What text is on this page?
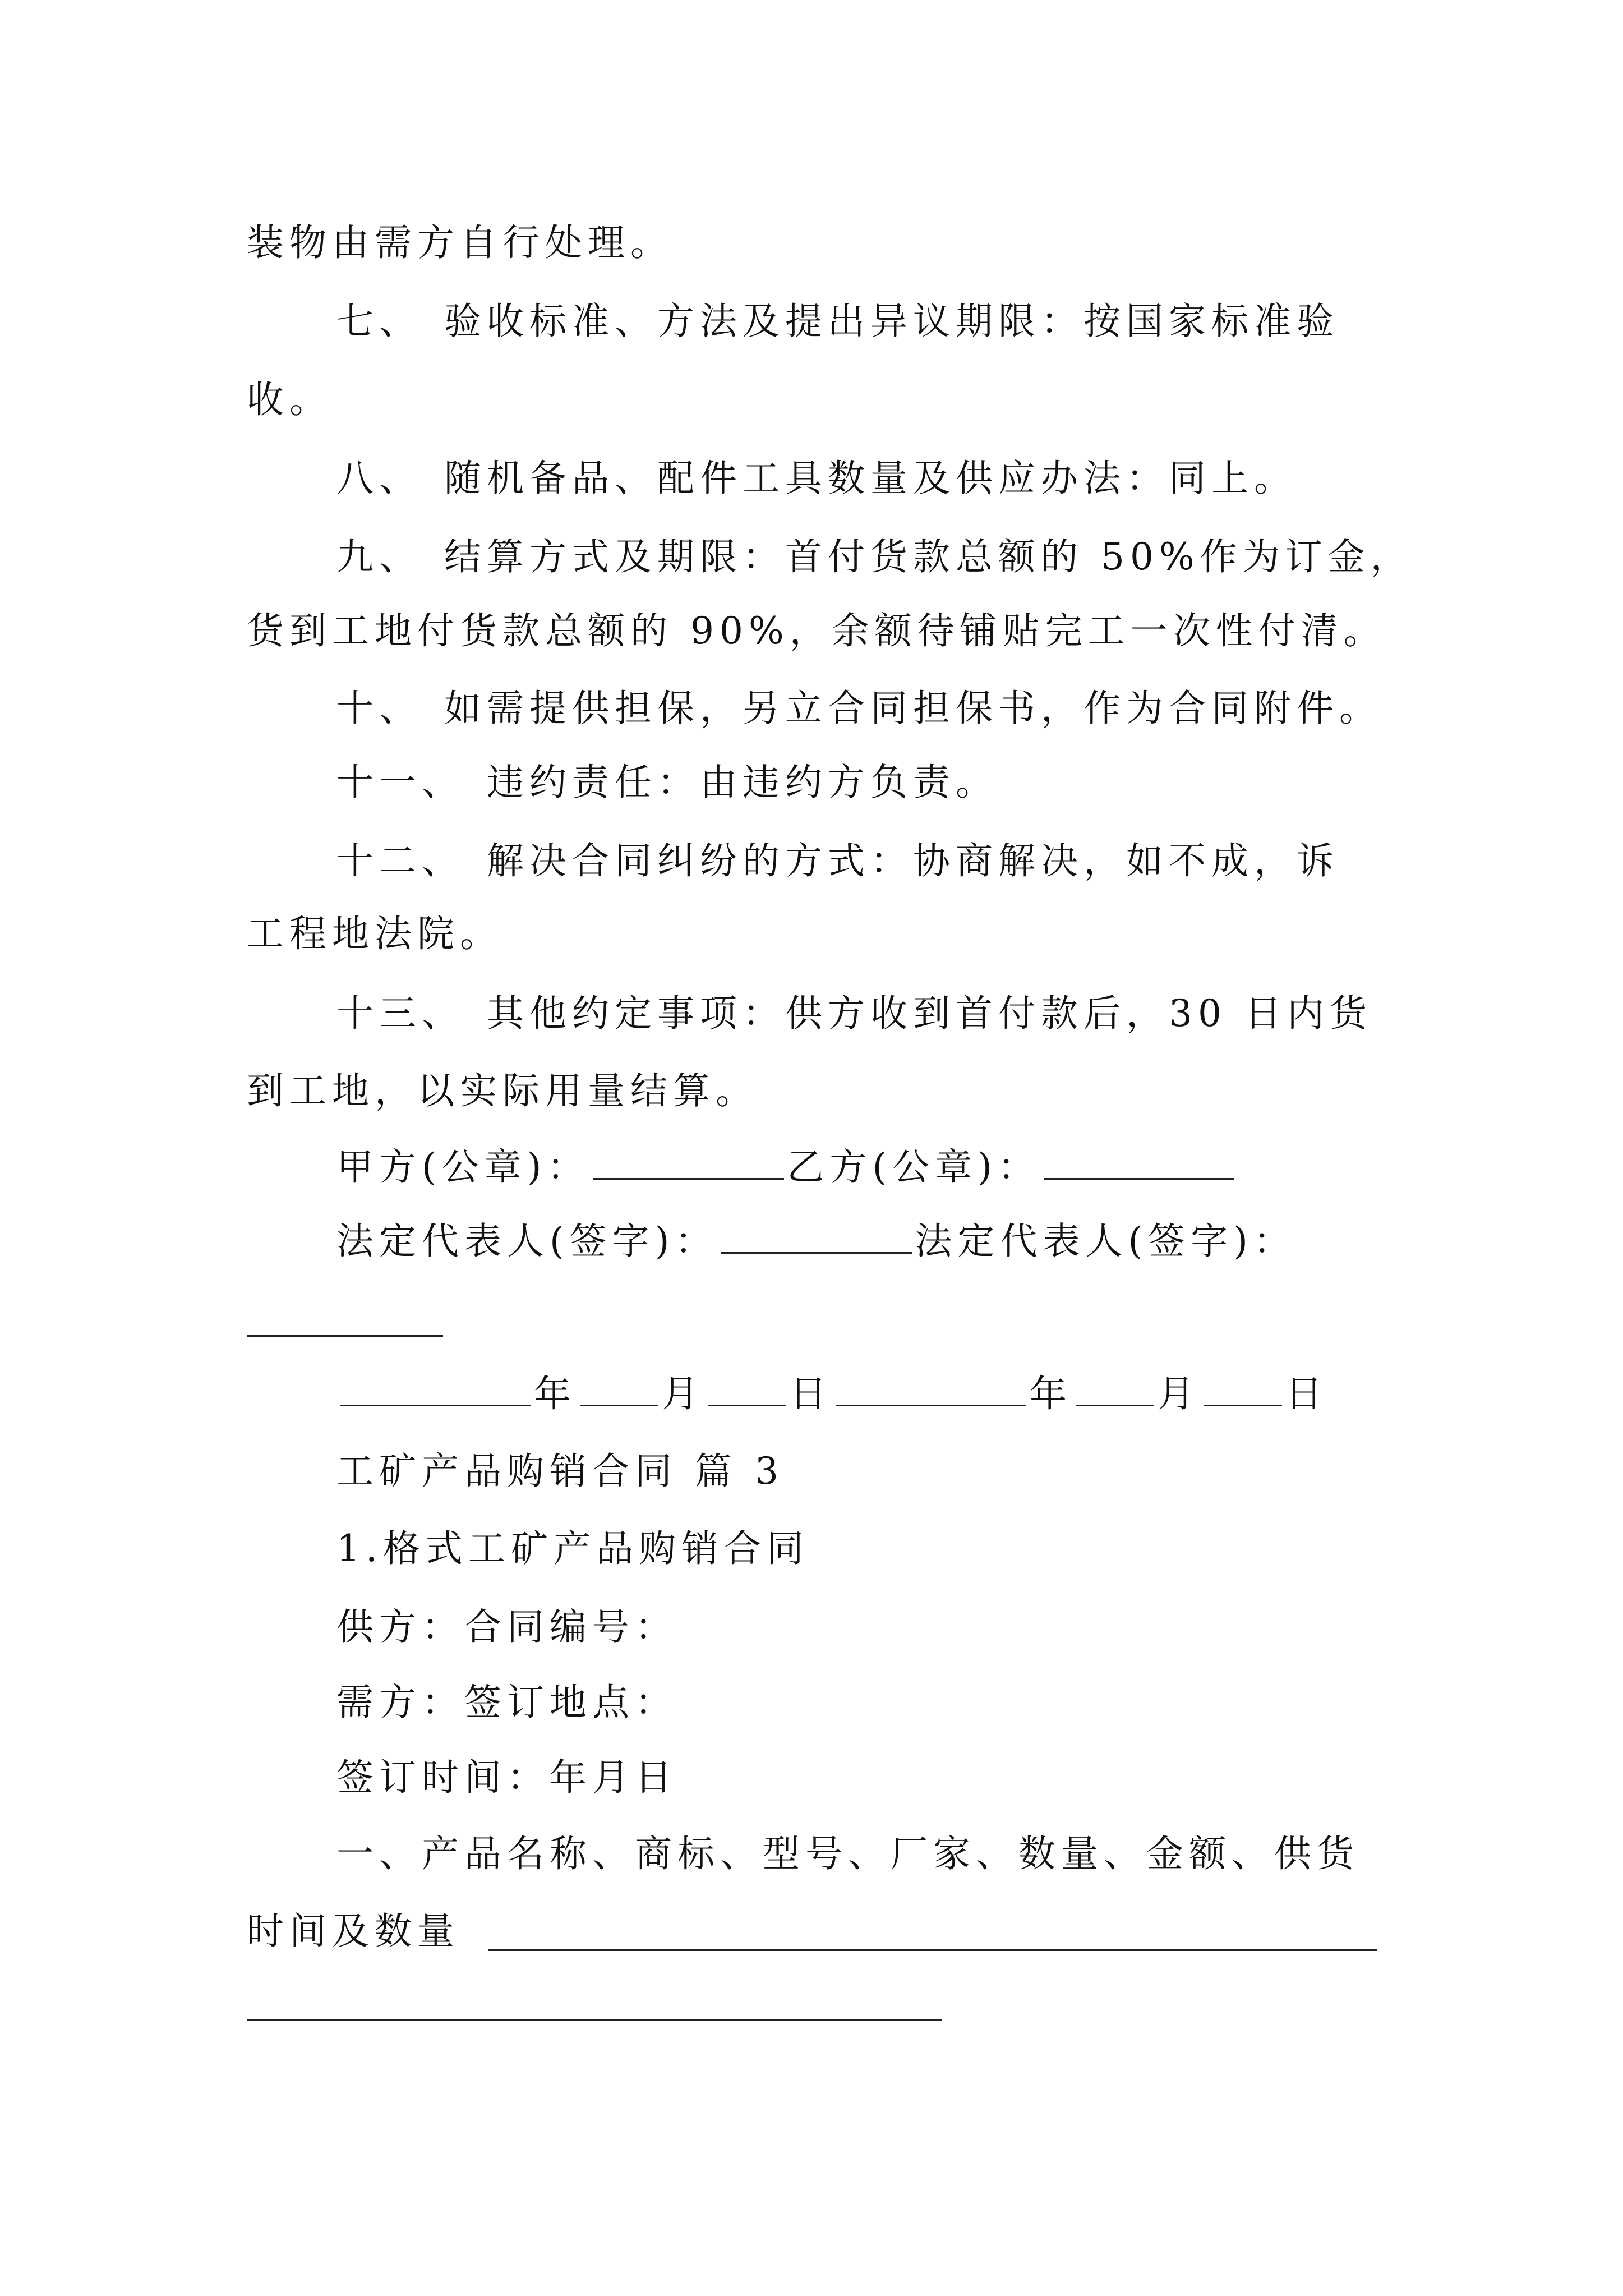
装物由需方自行处理。
七、 验收标准、方法及提出异议期限：按国家标准验
收。
八、 随机备品、配件工具数量及供应办法：同上。
九、 结算方式及期限：首付货款总额的 50%作为订金，
货到工地付货款总额的 90%，余额待铺贴完工一次性付清。
十、 如需提供担保，另立合同担保书，作为合同附件。
十一、 违约责任：由违约方负责。
十二、 解决合同纠纷的方式：协商解决，如不成，诉
工程地法院。
十三、 其他约定事项：供方收到首付款后，30 日内货
到工地，以实际用量结算。
甲方(公章)：	乙方(公章)：
法定代表人(签字)：	法定代表人(签字)：
年 月 日	年 月 日
工矿产品购销合同 篇 3
1.格式工矿产品购销合同
供方：合同编号：
需方：签订地点：
签订时间：年月日
一、产品名称、商标、型号、厂家、数量、金额、供货
时间及数量
